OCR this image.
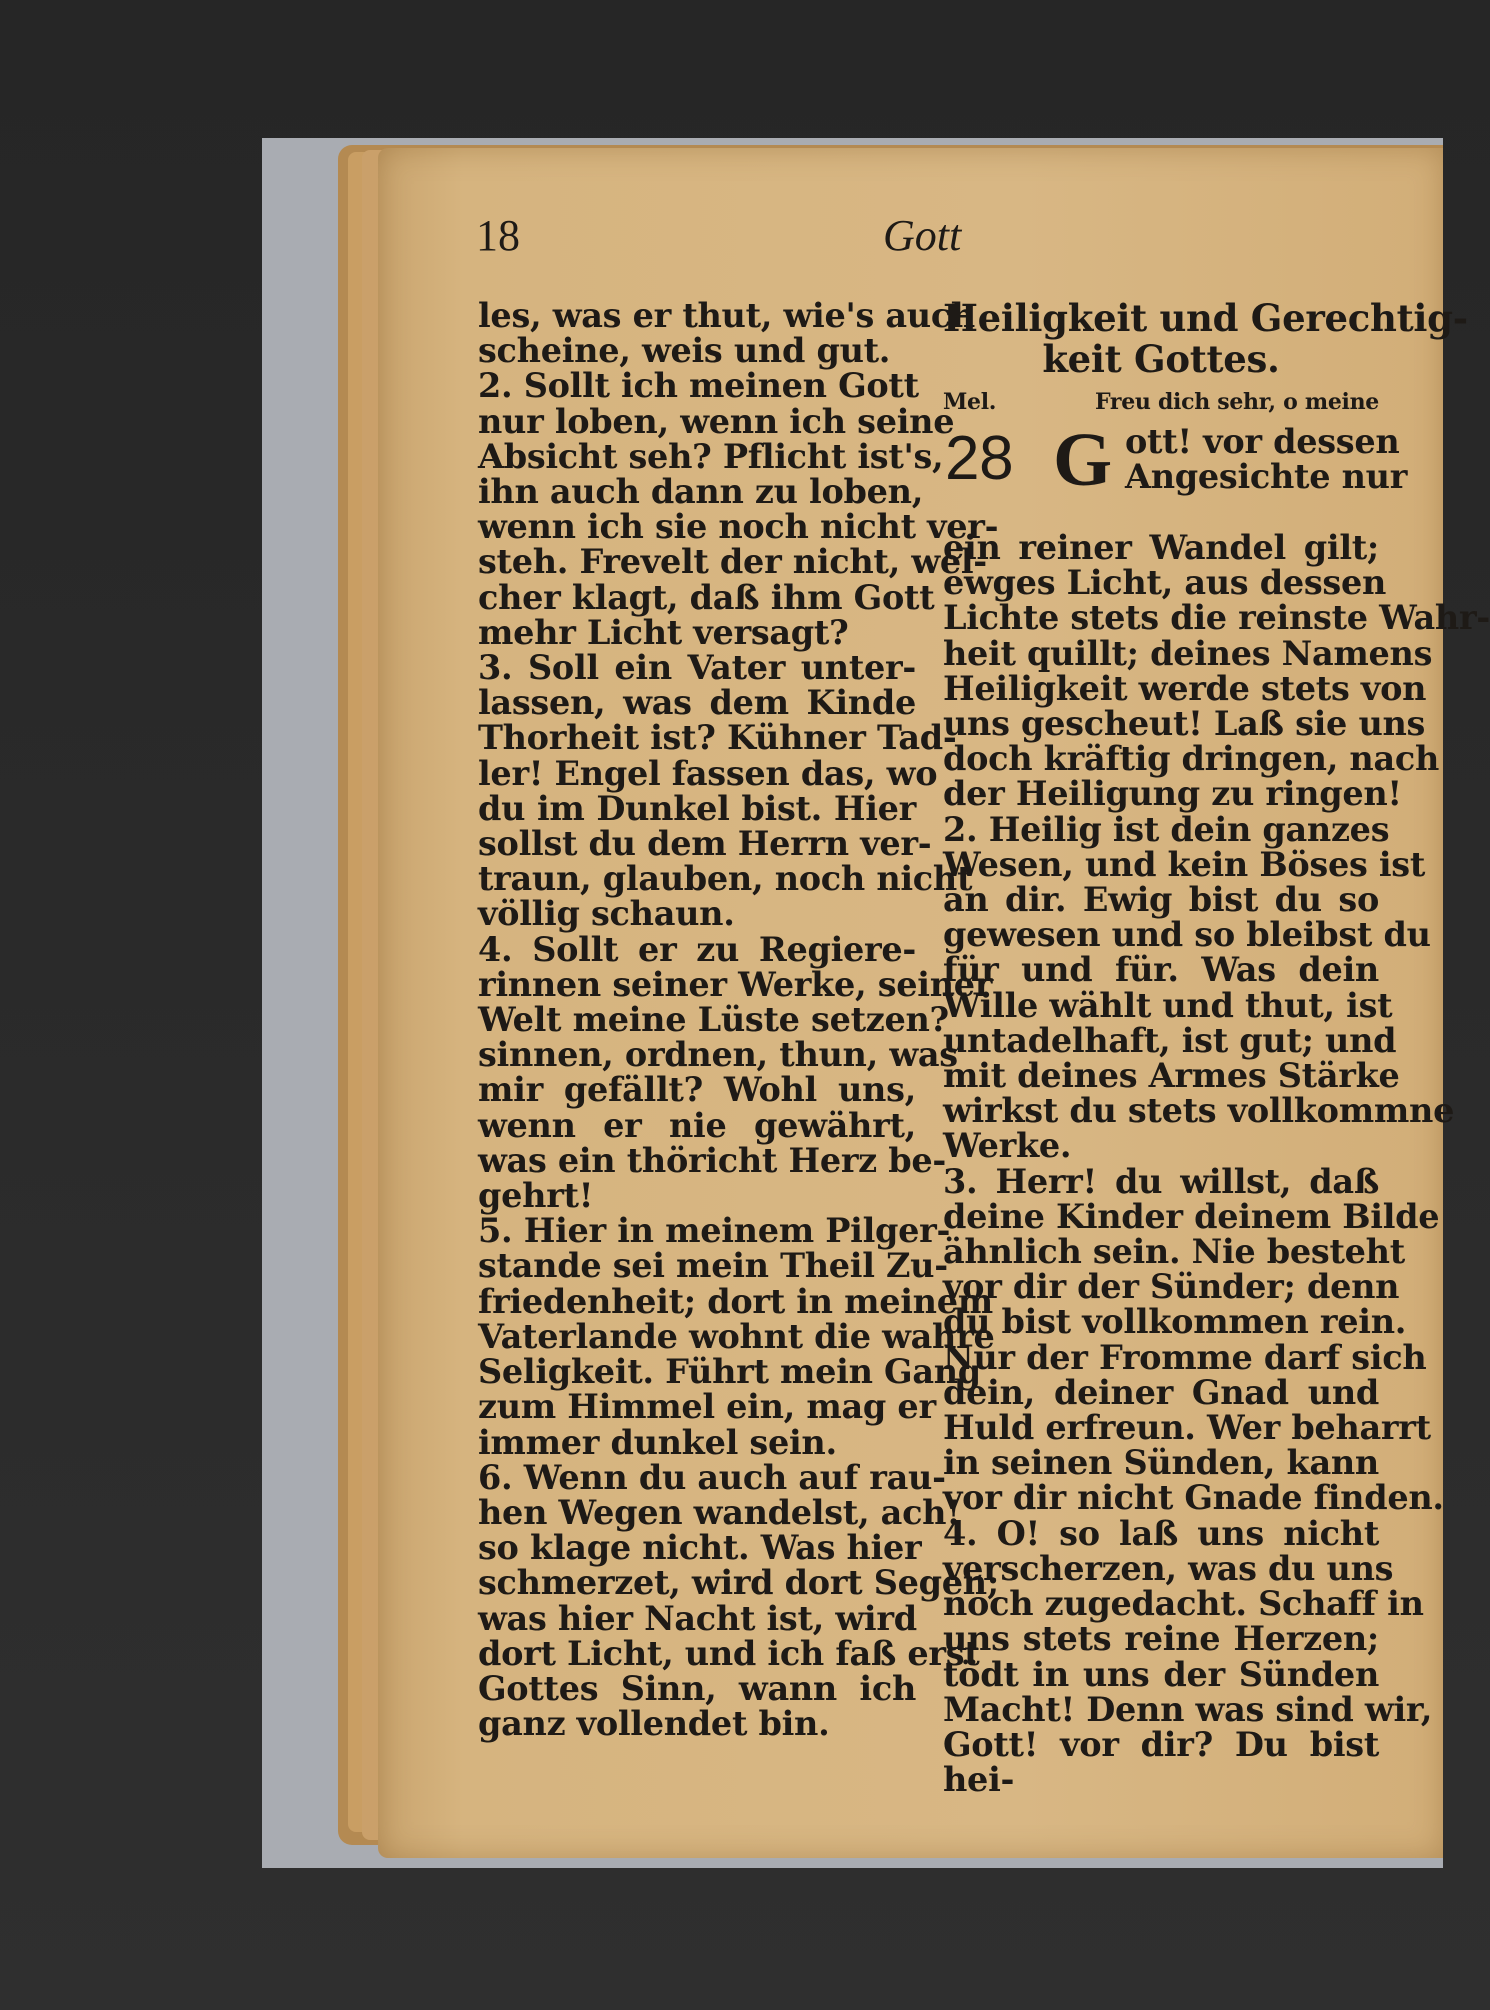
18	Gott
les, was er thut, wie's auch
scheine, weis und gut.
2. Sollt ich meinen Gott
nur loben, wenn ich seine
Absicht seh? Pflicht ist's,
ihn auch dann zu loben,
wenn ich sie noch nicht ver-
steh. Frevelt der nicht, wel-
cher klagt, daß ihm Gott
mehr Licht versagt?
3. Soll ein Vater unter-
lassen, was dem Kinde
Thorheit ist? Kühner Tad-
ler! Engel fassen das, wo
du im Dunkel bist. Hier
sollst du dem Herrn ver-
traun, glauben, noch nicht
völlig schaun.
4. Sollt er zu Regiere-
rinnen seiner Werke, seiner
Welt meine Lüste setzen?
sinnen, ordnen, thun, was
mir gefällt? Wohl uns,
wenn er nie gewährt,
was ein thöricht Herz be-
gehrt!
5. Hier in meinem Pilger-
stande sei mein Theil Zu-
friedenheit; dort in meinem
Vaterlande wohnt die wahre
Seligkeit. Führt mein Gang
zum Himmel ein, mag er
immer dunkel sein.
6. Wenn du auch auf rau-
hen Wegen wandelst, ach!
so klage nicht. Was hier
schmerzet, wird dort Segen;
was hier Nacht ist, wird
dort Licht, und ich faß erst
Gottes Sinn, wann ich
ganz vollendet bin.
Heiligkeit und Gerechtig-
keit Gottes.
Mel.	Freu dich sehr, o meine
28 G ott! vor dessen
Angesichte nur
ein reiner Wandel gilt;
ewges Licht, aus dessen
Lichte stets die reinste Wahr-
heit quillt; deines Namens
Heiligkeit werde stets von
uns gescheut! Laß sie uns
doch kräftig dringen, nach
der Heiligung zu ringen!
2. Heilig ist dein ganzes
Wesen, und kein Böses ist
an dir. Ewig bist du so
gewesen und so bleibst du
für und für. Was dein
Wille wählt und thut, ist
untadelhaft, ist gut; und
mit deines Armes Stärke
wirkst du stets vollkommne
Werke.
3. Herr! du willst, daß
deine Kinder deinem Bilde
ähnlich sein. Nie besteht
vor dir der Sünder; denn
du bist vollkommen rein.
Nur der Fromme darf sich
dein, deiner Gnad und
Huld erfreun. Wer beharrt
in seinen Sünden, kann
vor dir nicht Gnade finden.
4. O! so laß uns nicht
verscherzen, was du uns
noch zugedacht. Schaff in
uns stets reine Herzen;
tödt in uns der Sünden
Macht! Denn was sind wir,
Gott! vor dir? Du bist
hei-
